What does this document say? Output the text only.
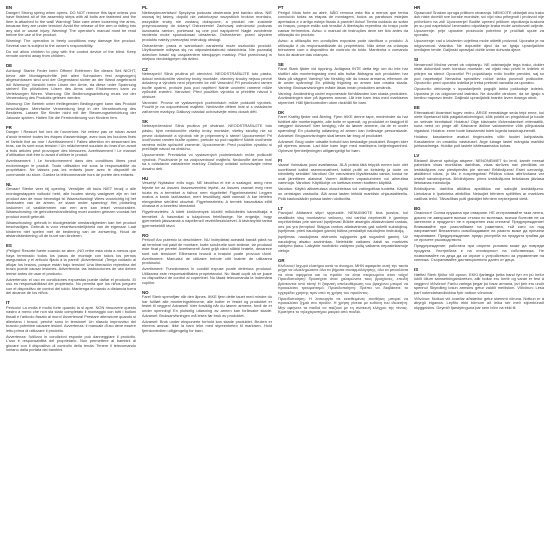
EN
Danger! Strong spring when opens. DO NOT remove this tape unless you have finished all of the assembly steps with all bolts are fastened and the item is attached to the wall! Warning! Take care when loosening the arms, because they are under tension! Avoid the release of the arm or falling into any slot or cause injury. Warning! The operator's manual must be read before the use of the product.
Warning! The operation in freely conditions may damage the product. Several use is subject to the owner's responsibility.
Do not allow children to play with the control device of the blind. Keep remote control away from children.
DE
Achtung! Starke Feder beim Öffnen! Entfernen Sie dieses Seil NICHT, bevor alle Montageschritte (mit allen Schrauben fest angezogen) abgeschlossen sind und der Gegenstand sicher an der Wand angebracht ist! Warnung! Vorsicht beim Lösen der Arme, da diese unter Spannung stehen! Ein plötzliches Lösen des Arms oder Einklemmen kann zu Verletzungen führen. Warnung: Die Bedienungsanleitung muss vor der Verwendung des Produkts gelesen werden.
Warnung: Der Betrieb unter freiliegenden Bedingungen kann das Produkt beschädigen. Mehrfache Verwendung liegt in der Verantwortung des Besitzers. Lassen Sie Kinder nicht mit der Steuerungseinrichtung der Jalousie spielen. Halten Sie die Fernbedienung von Kindern fern.
FR
Danger ! Ressort fort lors de l'ouverture. Ne retirez pas ce ruban avant d'avoir terminé toutes les étapes d'assemblage, avec tous les boulons fixés et l'article fixé au mur ! Avertissement ! Faites attention en desserrant les bras, car ils sont sous tension ! Un relâchement soudain du bras d'un avant à trois articles peut provoquer des blessures. Avertissement ! Le manuel d'utilisation doit être lu avant d'utiliser le produit.
Avertissement ! Le fonctionnement dans des conditions libres peut endommager le produit. Toute utilisation est sous la responsabilité du propriétaire. Ne laissez pas les enfants jouer avec le dispositif de commande du store. Gardez la télécommande hors de portée des enfants.
NL
Gevaar! Sterke veer bij opening. Verwijder dit touw NIET tenzij u alle montagestappen voltooid hebt, alle bouten stevig vastgezet zijn en het product aan de muur bevestigd is! Waarschuwing! Wees voorzichtig bij het losdraaien van de armen, ze staan onder spanning! Het plotseling loskomen of vastklemmen van een arm kan letsel veroorzaken. Waarschuwing: de gebruikershandleiding moet worden gelezen voordat het product wordt gebruikt.
Waarschuwing: gebruik in blootgestelde omstandigheden kan het product beschadigen. Gebruik is voor verantwoordelijkheid van de eigenaar. Laat kinderen niet spelen met de bediening van de zonwering. Houd de afstandsbediening uit de buurt van kinderen.
ES
¡Peligro! Resorte fuerte cuando se abre. ¡NO retire esta cinta a menos que haya terminado todos los pasos de montaje con todos los pernos asegurados y el artículo fijado a la pared! ¡Advertencia! ¡Tenga cuidado al aflojar los brazos, porque están bajo tensión! Una liberación repentina del brazo puede causar lesiones. Advertencia: las instrucciones de uso deben leerse antes de usar el producto.
Advertencia: el uso en condiciones expuestas puede dañar el producto. El uso es responsabilidad del propietario. No permita que los niños jueguen con el dispositivo de control del toldo. Mantenga el mando a distancia fuera del alcance de los niños.
IT
Pericolo! La molla è molto forte quando la si apre. NON rimuovere questo nastro a meno che non sia stato completato il montaggio con tutti i bulloni fissati e l'articolo fissato al muro! Avvertenza! Prestare attenzione quando si allentano i bracci, perché sono in tensione! Un rilascio improvviso del braccio potrebbe causare lesioni. Avvertenza: il manuale d'uso deve essere letto prima di utilizzare il prodotto.
Avvertenza: l'utilizzo in condizioni esposte può danneggiare il prodotto. L'uso è responsabilità del proprietario. Non permettere ai bambini di giocare con il dispositivo di controllo della tenda. Tenere il telecomando lontano dalla portata dei bambini.
PL
Niebezpieczeństwo! Sprężyna podczas otwierania jest bardzo silna. NIE usuwaj tej taśmy, dopóki nie zakończysz wszystkich kroków montażu, wszystkie śruby nie zostaną dokręcone, a produkt nie zostanie przymocowany do ściany! Ostrzeżenie! Zachowaj ostrożność podczas luzowania ramion, ponieważ są one pod napięciem! Nagłe zwolnienie ramienia może spowodować obrażenia. Ostrzeżenie: przed użyciem produktu należy przeczytać instrukcję obsługi.
Ostrzeżenie: praca w warunkach narażenia może uszkodzić produkt. Użytkowanie odbywa się na odpowiedzialność właściciela. Nie pozwalaj dzieciom bawić się urządzeniem sterującym markizy. Pilot przechowuj w miejscu niedostępnym dla dzieci.
CZ
Nebezpečí! Silná pružina při otevírání. NEODSTRAŇUJTE tuto pásku, dokud nedokončíte všechny kroky montáže, všechny šrouby nejsou pevně dotaženy a výrobek není připevněn ke zdi! Varování! Při povolování ramen buďte opatrní, protože jsou pod napětím! Náhlé uvolnění ramene může způsobit zranění. Varování: Před použitím výrobku si přečtěte návod k obsluze.
Varování: Provoz ve vystavených podmínkách může poškodit výrobek. Použití je na odpovědnost majitele. Nedovolte dětem hrát si s ovládacím zařízením markýzy. Dálkový ovladač uchovávejte mimo dosah dětí.
SK
Nebezpečenstvo! Silná pružina pri otváraní. NEODSTRAŇUJTE túto pásku, kým nedokončíte všetky kroky montáže, všetky skrutky nie sú pevne dotiahnuté a výrobok nie je pripevnený k stene! Upozornenie! Pri uvoľňovaní ramien buďte opatrní, pretože sú pod napätím! Náhle uvoľnenie ramena môže spôsobiť zranenie. Upozornenie: Pred použitím výrobku si prečítajte návod na obsluhu.
Upozornenie: Prevádzka vo vystavených podmienkach môže poškodiť výrobok. Používanie je na zodpovednosť majiteľa. Nedovoľte deťom hrať sa s ovládacím zariadením markízy. Diaľkový ovládač uchovávajte mimo dosahu detí.
HU
Veszély! Nyitáskor erős rugó. NE távolítsa el ezt a szalagot, amíg nem fejezte be az összes összeszerelési lépést, az összes csavart meg nem húzta és a terméket a falhoz nem rögzítette! Figyelmeztetés! Legyen óvatos a karok lazításakor, mert feszültség alatt vannak! A kar hirtelen elengedése sérülést okozhat. Figyelmeztetés: A termék használata előtt olvassa el a kezelési útmutatót.
Figyelmeztetés: A kitett körülmények közötti működtetés károsíthatja a terméket. A használat a tulajdonos felelőssége. Ne engedje, hogy gyermekek játsszanak a napellenző vezérlőeszközével. A távirányítót tartsa gyermekektől távol.
RO
Pericol! Arc puternic la deschidere. NU îndepărtați această bandă până nu ați terminat toți pașii de montare, toate șuruburile sunt strânse, iar produsul este fixat pe perete! Avertisment! Aveți grijă când slăbiți brațele, deoarece sunt sub tensiune! Eliberarea bruscă a brațului poate provoca răniri. Avertisment: Manualul de utilizare trebuie citit înainte de utilizarea produsului.
Avertisment: Funcționarea în condiții expuse poate deteriora produsul. Utilizarea este responsabilitatea proprietarului. Nu lăsați copiii să se joace cu dispozitivul de control al copertinei. Nu lăsați telecomanda la îndemâna copiilor.
NO
Fare! Sterk spennfjær når den åpnes. IKKE fjern dette tauet med mindre du har fullført alle monteringstrinnene, alle bolter er festet og produktet er festet til veggen! Advarsel! Vær forsiktig når du løsner armene, fordi de er under spenning! En plutselig utløsning av armen kan forårsake skade. Advarsel: Bruksanvisningen må leses før bruk av produktet.
Advarsel: Bruk under eksponerte forhold kan skade produktet. Bruken er eierens ansvar. Ikke la barn leke med styreenheten til markisen. Hold fjernkontrollen utilgjengelig for barn.
PT
Perigo! Mola forte ao abrir. NÃO remova esta fita a menos que tenha concluído todas as etapas de montagem, todos os parafusos estejam apertados e o artigo esteja fixado à parede! Aviso! Tenha cuidado ao soltar os braços, porque estão sob tensão! A libertação repentina do braço pode causar ferimentos. Aviso: o manual de instruções deve ser lido antes da utilização do produto.
Aviso: a utilização em condições expostas pode danificar o produto. A utilização é da responsabilidade do proprietário. Não deixe as crianças brincarem com o dispositivo de controlo do toldo. Mantenha o comando fora do alcance das crianças.
SE
Fara! Stark fjäder vid öppning. Avlägsna INTE detta tejp om du inte har slutfört alla monteringssteg med alla bultar åtdragna och produkten har fästs på väggen! Varning! Var försiktig när du lossar armarna, eftersom de är under spänning! En plötslig frigöring av armen kan orsaka skada. Varning: Bruksanvisningen måste läsas innan produkten används.
Varning: Användning under exponerade förhållanden kan skada produkten. Användningen sker på ägarens ansvar. Låt inte barn leka med markisens styrenhet. Håll fjärrkontrollen utom räckhåll för barn.
DK
Fare! Kraftig fjeder ved åbning. Fjern IKKE denne tape, medmindre du har fuldført alle monteringstrin, alle bolte er spændt, og produktet er fastgjort til væggen! Advarsel! Vær forsigtig, når du løsner armene, da de er under spænding! En pludselig udløsning af armen kan forårsage personskade. Advarsel: Brugsanvisningen skal læses før brug af produktet.
Advarsel: Brug under udsatte forhold kan beskadige produktet. Brugen sker på ejerens ansvar. Lad ikke børn lege med markisens betjeningsenhed. Opbevar fjernbetjeningen utilgængeligt for børn.
FI
Vaara! Voimakas jousi avattaessa. ÄLÄ poista tätä teippiä ennen kuin olet suorittanut kaikki asennusvaiheet, kaikki pultit on kiristetty ja tuote on kiinnitetty seinään! Varoitus! Ole varovainen löysätessäsi varsia, koska ne ovat jännitteen alaisina! Varren äkillinen vapautuminen voi aiheuttaa vammoja. Varoitus: Käyttöohje on luettava ennen tuotteen käyttöä.
Varoitus: Käyttö altistetuissa olosuhteissa voi vahingoittaa tuotetta. Käyttö on omistajan vastuulla. Älä anna lasten leikkiä markiisin ohjauslaitteella. Pidä kaukosäädin poissa lasten ulottuvilta.
LT
Pavojus! Atidarant stipri spyruoklė. NENUIMKITE šios juostos, kol neatlikote visų montavimo veiksmų, visi varžtai nepriveržti ir gaminys nepritvirtintas prie sienos! Įspėjimas! Būkite atsargūs atlaisvindami rankas, nes jos yra įtemptos! Staigus rankos atlaisvinimas gali sukelti sužalojimą. Įspėjimas: prieš naudojant gaminį būtina perskaityti naudojimo instrukciją.
Įspėjimas: naudojimas atviromis sąlygomis gali sugadinti gaminį. Už naudojimą atsako savininkas. Neleiskite vaikams žaisti su markizės valdymo įtaisu. Laikykite nuotolinio valdymo pultą vaikams nepasiekiamoje vietoje.
GR
Κίνδυνος! Ισχυρό ελατήριο κατά το άνοιγμα. ΜΗΝ αφαιρείτε αυτή την ταινία μέχρι να ολοκληρώσετε όλα τα βήματα συναρμολόγησης, όλα τα μπουλόνια να είναι σφιγμένα και το προϊόν να είναι στερεωμένο στον τοίχο! Προειδοποίηση! Προσέχετε όταν χαλαρώνετε τους βραχίονες, επειδή βρίσκονται υπό τάση! Η ξαφνική απελευθέρωση του βραχίονα μπορεί να προκαλέσει τραυματισμό. Προειδοποίηση: Πρέπει να διαβάσετε το εγχειρίδιο χρήσης πριν από τη χρήση του προϊόντος.
Προειδοποίηση: Η λειτουργία σε εκτεθειμένες συνθήκες μπορεί να προκαλέσει ζημιά στο προϊόν. Η χρήση γίνεται με ευθύνη του ιδιοκτήτη. Μην αφήνετε τα παιδιά να παίζουν με τη συσκευή ελέγχου της τέντας. Κρατήστε το τηλεχειριστήριο μακριά από παιδιά.
HR
Opasnost! Snažan opruga prilikom otvaranja. NEMOJTE uklanjati ovu traku dok niste dovršili sve korake montaže, svi vijci nisu pritegnuti i proizvod nije pričvršćen na zid! Upozorenje! Budite oprezni prilikom otpuštanja krakova jer su pod napetošću! Iznenadno otpuštanje kraka može uzrokovati ozljede. Upozorenje: prije uporabe proizvoda potrebno je pročitati upute za uporabu.
Upozorenje: rad u izloženim uvjetima može oštetiti proizvod. Uporaba je na odgovornost vlasnika. Ne dopustite djeci da se igraju upravljačkim uređajem tende. Daljinski upravljač držite izvan dohvata djece.
SI
Nevarnost! Močna vzmet ob odpiranju. NE odstranjujte tega traku, dokler niste dokončali vseh korakov montaže, vsi vijaki niso priviti in izdelek ni pritrjen na steno! Opozorilo! Pri popuščanju ročic bodite previdni, saj so pod napetostjo! Nenadna sprostitev ročice lahko povzroči poškodbe. Opozorilo: pred uporabo izdelka je treba prebrati navodila za uporabo.
Opozorilo: delovanje v izpostavljenih pogojih lahko poškoduje izdelek. Uporaba je na odgovornost lastnika. Ne dovolite otrokom, da se igrajo s krmilno napravo tende. Daljinski upravljalnik hranite izven dosega otrok.
EE
Ettevaatust! Avamisel tugev vedru. ÄRGE eemaldage seda teipi enne, kui olete lõpetanud kõik paigaldustoimingud, kõik poldid on pingutatud ja toode on seinale kinnitatud! Hoiatus! Olge käsivarte lõdvendamisel ettevaatlik, kuna need on pinge all! Käsivarre äkiline vabanemine võib põhjustada vigastusi. Hoiatus: enne toote kasutamist tuleb lugeda kasutusjuhendit.
Hoiatus: kasutamine avatud tingimustes võib toodet kahjustada. Kasutamine on omaniku vastutusel. Ärge lubage lastel mängida markiisi juhtseadmega. Hoidke pult lastele kättesaamatus kohas.
LV
Bīstami! Atverot spēcīga atspere. NENOŅEMIET šo lenti, kamēr neesat pabeidzis visas montāžas darbības, visas skrūves nav pievilktas un izstrādājums nav piestiprināts pie sienas! Brīdinājums! Esiet uzmanīgi, atslābinot rokas, jo tās ir nospriegotas! Pēkšņa rokas atbrīvošana var izraisīt savainojumus. Brīdinājums: pirms izstrādājuma lietošanas jāizlasa lietošanas instrukcija.
Brīdinājums: darbība atklātos apstākļos var sabojāt izstrādājumu. Lietošana ir īpašnieka atbildība. Neļaujiet bērniem spēlēties ar markīzes vadības ierīci. Tālvadības pulti glabājiet bērniem nepieejamā vietā.
BG
Опасност! Силна пружина при отваряне. НЕ отстранявайте тази лента, докато не завършите всички стъпки по монтажа, всички болтове не са затегнати и продуктът не е прикрепен към стената! Предупреждение! Внимавайте при разхлабване на рамената, тъй като са под напрежение! Внезапното освобождаване на рамото може да причини нараняване. Предупреждение: преди употреба на продукта трябва да се прочете ръководството.
Предупреждение: работата при открити условия може да повреди продукта. Употребата е на отговорност на собственика. Не позволявайте на деца да си играят с устройството за управление на сенника. Съхранявайте дистанционното далеч от деца.
IS
Hætta! Sterk fjöður við opnun. EKKI fjarlægja þetta band fyrr en þú hefur lokið öllum samsetningarskrefum, allir boltar eru hertir og varan er fest á vegginn! Viðvörun! Farðu varlega þegar þú losar armana, því þeir eru undir spennu! Skyndileg losun armsins getur valdið meiðslum. Viðvörun: Lesa þarf notendahandbókina fyrir notkun vörunnar.
Viðvörun: Notkun við óvarðar aðstæður getur skemmt vöruna. Notkun er á ábyrgð eiganda. Leyfðu ekki börnum að leika sér með stjórnbúnað skyggnisins. Geymið fjarstýringuna þar sem börn ná ekki til.
